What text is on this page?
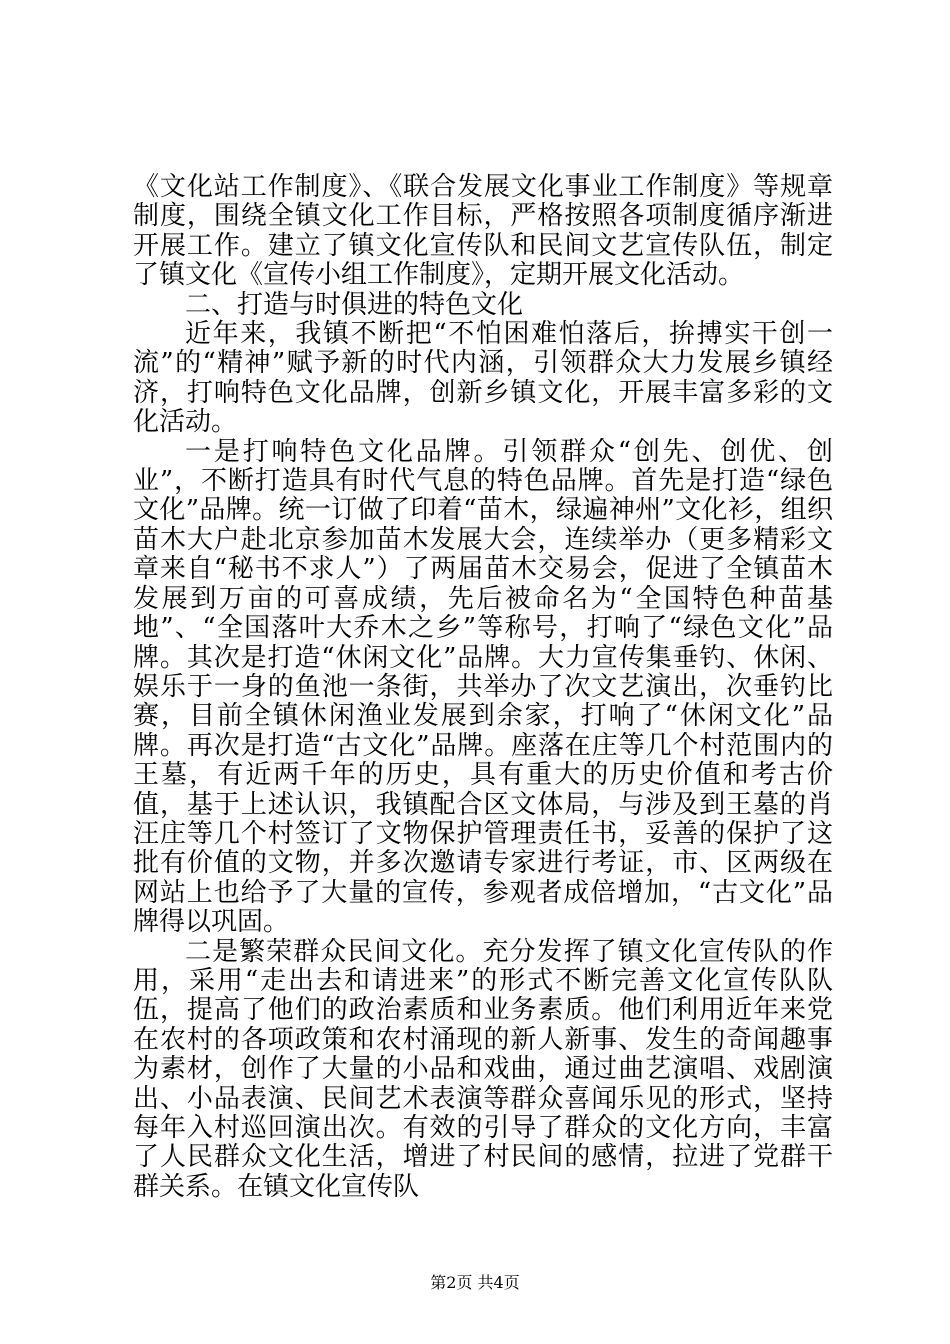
《文化站工作制度》、《联合发展文化事业工作制度》等规章制度，围绕全镇文化工作目标，严格按照各项制度循序渐进开展工作。建立了镇文化宣传队和民间文艺宣传队伍，制定了镇文化《宣传小组工作制度》，定期开展文化活动。

二、打造与时俱进的特色文化

近年来，我镇不断把“不怕困难怕落后，拚搏实干创一流”的“精神”赋予新的时代内涵，引领群众大力发展乡镇经济，打响特色文化品牌，创新乡镇文化，开展丰富多彩的文化活动。

一是打响特色文化品牌。引领群众“创先、创优、创业”，不断打造具有时代气息的特色品牌。首先是打造“绿色文化”品牌。统一订做了印着“苗木，绿遍神州”文化衫，组织苗木大户赴北京参加苗木发展大会，连续举办（更多精彩文章来自“秘书不求人”）了两届苗木交易会，促进了全镇苗木发展到万亩的可喜成绩，先后被命名为“全国特色种苗基地”、“全国落叶大乔木之乡”等称号，打响了“绿色文化”品牌。其次是打造“休闲文化”品牌。大力宣传集垂钓、休闲、娱乐于一身的鱼池一条街，共举办了次文艺演出，次垂钓比赛，目前全镇休闲渔业发展到余家，打响了“休闲文化”品牌。再次是打造“古文化”品牌。座落在庄等几个村范围内的王墓，有近两千年的历史，具有重大的历史价值和考古价值，基于上述认识，我镇配合区文体局，与涉及到王墓的肖汪庄等几个村签订了文物保护管理责任书，妥善的保护了这批有价值的文物，并多次邀请专家进行考证，市、区两级在网站上也给予了大量的宣传，参观者成倍增加，“古文化”品牌得以巩固。

二是繁荣群众民间文化。充分发挥了镇文化宣传队的作用，采用“走出去和请进来”的形式不断完善文化宣传队队伍，提高了他们的政治素质和业务素质。他们利用近年来党在农村的各项政策和农村涌现的新人新事、发生的奇闻趣事为素材，创作了大量的小品和戏曲，通过曲艺演唱、戏剧演出、小品表演、民间艺术表演等群众喜闻乐见的形式，坚持每年入村巡回演出次。有效的引导了群众的文化方向，丰富了人民群众文化生活，增进了村民间的感情，拉进了党群干群关系。在镇文化宣传队

第2页 共4页
